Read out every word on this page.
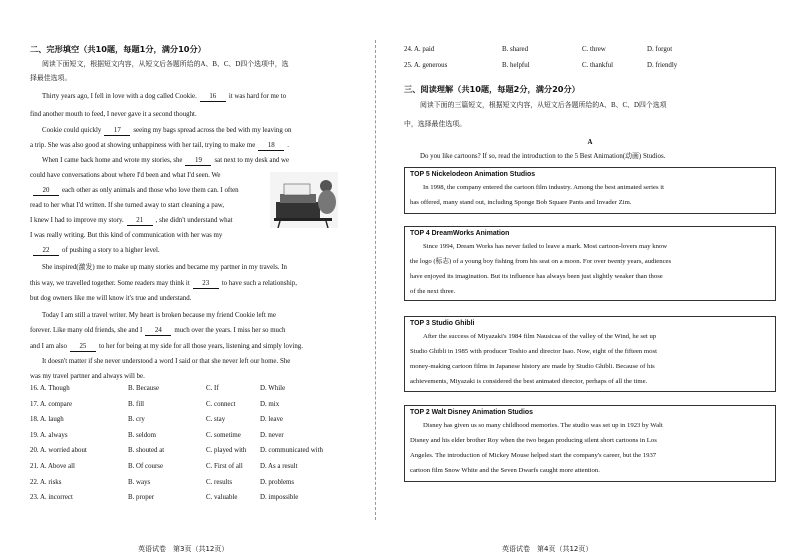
二、完形填空（共10题，每题1分，满分10分）
阅读下面短文，根据短文内容，从短文后各题所给的A、B、C、D四个选项中，选
择最佳选项。
Thirty years ago, I fell in love with a dog called Cookie. 16 it was hard for me to
find another mouth to feed, I never gave it a second thought.
Cookie could quickly 17 seeing my bags spread across the bed with my leaving on
a trip. She was also good at showing unhappiness with her tail, trying to make me 18 .
When I came back home and wrote my stories, she 19 sat next to my desk and we
could have conversations about where I'd been and what I'd seen. We
20 each other as only animals and those who love them can. I often
read to her what I'd written. If she turned away to start cleaning a paw,
I knew I had to improve my story. 21 , she didn't understand what
I was really writing. But this kind of communication with her was my
22 of pushing a story to a higher level.
She inspired(激发) me to make up many stories and became my partner in my travels. In
this way, we travelled together. Some readers may think it 23 to have such a relationship,
but dog owners like me will know it's true and understand.
Today I am still a travel writer. My heart is broken because my friend Cookie left me
forever. Like many old friends, she and I 24 much over the years. I miss her so much
and I am also 25 to her for being at my side for all those years, listening and simply loving.
It doesn't matter if she never understood a word I said or that she never left our home. She
was my travel partner and always will be.
16. A. Though	B. Because	C. If	D. While
17. A. compare	B. fill	C. connect	D. mix
18. A. laugh	B. cry	C. stay	D. leave
19. A. always	B. seldom	C. sometime	D. never
20. A. worried about	B. shouted at	C. played with D. communicated with
21. A. Above all	B. Of course	C. First of all D. As a result
22. A. risks	B. ways	C. results	D. problems
23. A. incorrect	B. proper	C. valuable	D. impossible
英语试卷　第3页（共12页）
24. A. paid	B. shared	C. threw	D. forgot
25. A. generous	B. helpful	C. thankful	D. friendly
三、阅读理解（共10题，每题2分，满分20分）
阅读下面的三篇短文，根据短文内容，从短文后各题所给的A、B、C、D四个选项
中，选择最佳选项。
A
Do you like cartoons? If so, read the introduction to the 5 Best Animation(动画) Studios.
TOP 5 Nickelodeon Animation Studios
In 1998, the company entered the cartoon film industry. Among the best animated series it
has offered, many stand out, including Sponge Bob Square Pants and Invader Zim.
TOP 4 DreamWorks Animation
Since 1994, Dream Works has never failed to leave a mark. Most cartoon-lovers may know
the logo (标志) of a young boy fishing from his seat on a moon. For over twenty years, audiences
have enjoyed its imagination. But its influence has always been just slightly weaker than those
of the next three.
TOP 3 Studio Ghibli
After the success of Miyazaki's 1984 film Nausicaa of the valley of the Wind, he set up
Studio Ghibli in 1985 with producer Toshio and director Isao. Now, eight of the fifteen most
money-making cartoon films in Japanese history are made by Studio Ghibli. Because of his
achievements, Miyazaki is considered the best animated director, perhaps of all the time.
TOP 2 Walt Disney Animation Studios
Disney has given us so many childhood memories. The studio was set up in 1923 by Walt
Disney and his elder brother Roy when the two began producing silent short cartoons in Los
Angeles. The introduction of Mickey Mouse helped start the company's career, but the 1937
cartoon film Snow White and the Seven Dwarfs caught more attention.
英语试卷　第4页（共12页）
